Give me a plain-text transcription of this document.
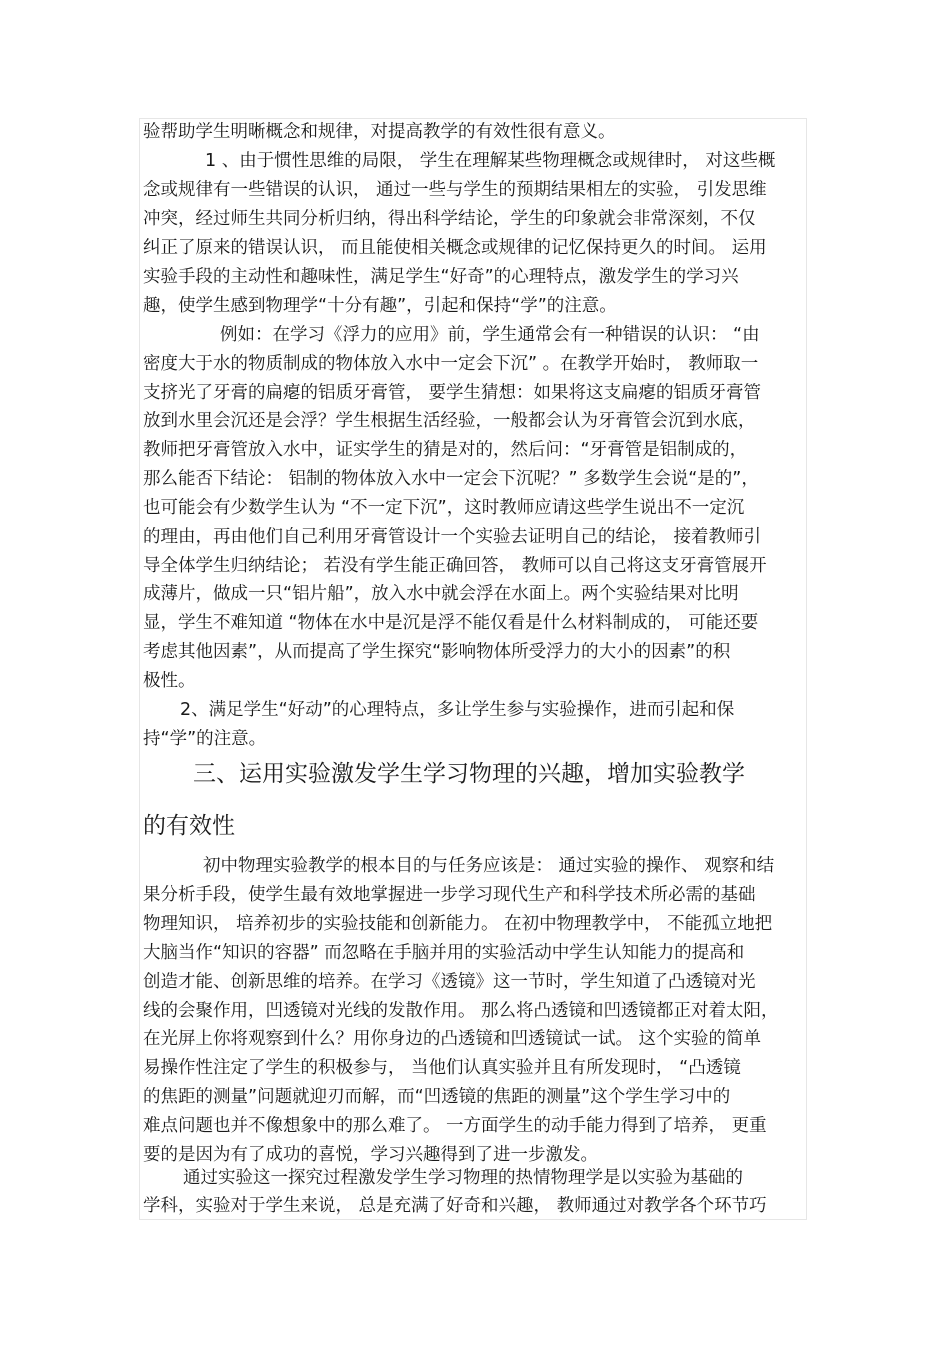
验帮助学生明晰概念和规律，对提高教学的有效性很有意义。
1 、由于惯性思维的局限， 学生在理解某些物理概念或规律时， 对这些概
念或规律有一些错误的认识， 通过一些与学生的预期结果相左的实验， 引发思维
冲突，经过师生共同分析归纳，得出科学结论，学生的印象就会非常深刻，不仅
纠正了原来的错误认识， 而且能使相关概念或规律的记忆保持更久的时间。 运用
实验手段的主动性和趣味性，满足学生“好奇”的心理特点，激发学生的学习兴
趣，使学生感到物理学“十分有趣”，引起和保持“学”的注意。
例如：在学习《浮力的应用》前，学生通常会有一种错误的认识： “由
密度大于水的物质制成的物体放入水中一定会下沉” 。在教学开始时， 教师取一
支挤光了牙膏的扁瘪的铝质牙膏管， 要学生猜想：如果将这支扁瘪的铝质牙膏管
放到水里会沉还是会浮？学生根据生活经验，一般都会认为牙膏管会沉到水底，
教师把牙膏管放入水中，证实学生的猜是对的，然后问：“牙膏管是铝制成的，
那么能否下结论： 铝制的物体放入水中一定会下沉呢？” 多数学生会说“是的”，
也可能会有少数学生认为 “不一定下沉”，这时教师应请这些学生说出不一定沉
的理由，再由他们自己利用牙膏管设计一个实验去证明自己的结论， 接着教师引
导全体学生归纳结论； 若没有学生能正确回答， 教师可以自己将这支牙膏管展开
成薄片，做成一只“铝片船”，放入水中就会浮在水面上。两个实验结果对比明
显，学生不难知道 “物体在水中是沉是浮不能仅看是什么材料制成的， 可能还要
考虑其他因素”，从而提高了学生探究“影响物体所受浮力的大小的因素”的积
极性。
2、满足学生“好动”的心理特点，多让学生参与实验操作，进而引起和保
持“学”的注意。
三、运用实验激发学生学习物理的兴趣，增加实验教学
的有效性
初中物理实验教学的根本目的与任务应该是： 通过实验的操作、 观察和结
果分析手段，使学生最有效地掌握进一步学习现代生产和科学技术所必需的基础
物理知识， 培养初步的实验技能和创新能力。 在初中物理教学中， 不能孤立地把
大脑当作“知识的容器” 而忽略在手脑并用的实验活动中学生认知能力的提高和
创造才能、创新思维的培养。在学习《透镜》这一节时，学生知道了凸透镜对光
线的会聚作用，凹透镜对光线的发散作用。 那么将凸透镜和凹透镜都正对着太阳，
在光屏上你将观察到什么？用你身边的凸透镜和凹透镜试一试。 这个实验的简单
易操作性注定了学生的积极参与， 当他们认真实验并且有所发现时， “凸透镜
的焦距的测量”问题就迎刃而解，而“凹透镜的焦距的测量”这个学生学习中的
难点问题也并不像想象中的那么难了。 一方面学生的动手能力得到了培养， 更重
要的是因为有了成功的喜悦，学习兴趣得到了进一步激发。
通过实验这一探究过程激发学生学习物理的热情物理学是以实验为基础的
学科，实验对于学生来说， 总是充满了好奇和兴趣， 教师通过对教学各个环节巧
